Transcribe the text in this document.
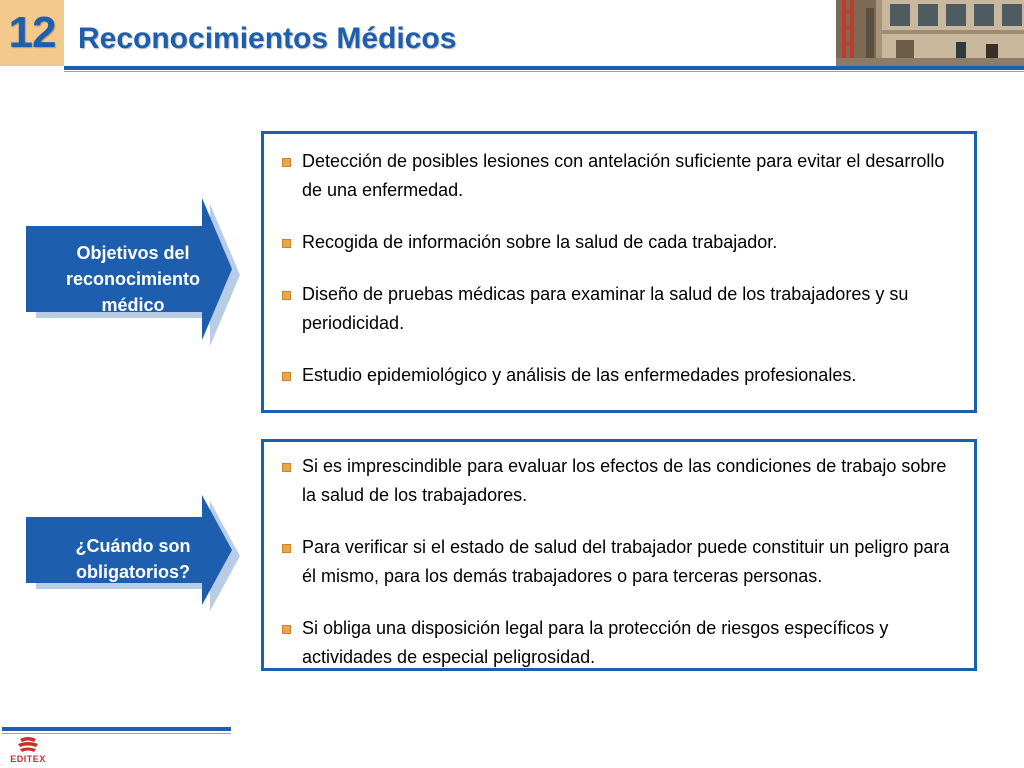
12 Reconocimientos Médicos
Objetivos del
reconocimiento
médico
Detección de posibles lesiones con antelación suficiente para evitar el desarrollo de una enfermedad.
Recogida de información sobre la salud de cada trabajador.
Diseño de pruebas médicas para examinar la salud de los trabajadores y su periodicidad.
Estudio epidemiológico y análisis de las enfermedades profesionales.
¿Cuándo son
obligatorios?
Si es imprescindible para evaluar los efectos de las condiciones de trabajo sobre la salud de los trabajadores.
Para verificar si el estado de salud del trabajador puede constituir un peligro para él mismo, para los demás trabajadores o para terceras personas.
Si obliga una disposición legal para la protección de riesgos específicos y actividades de especial peligrosidad.
EDITEX
